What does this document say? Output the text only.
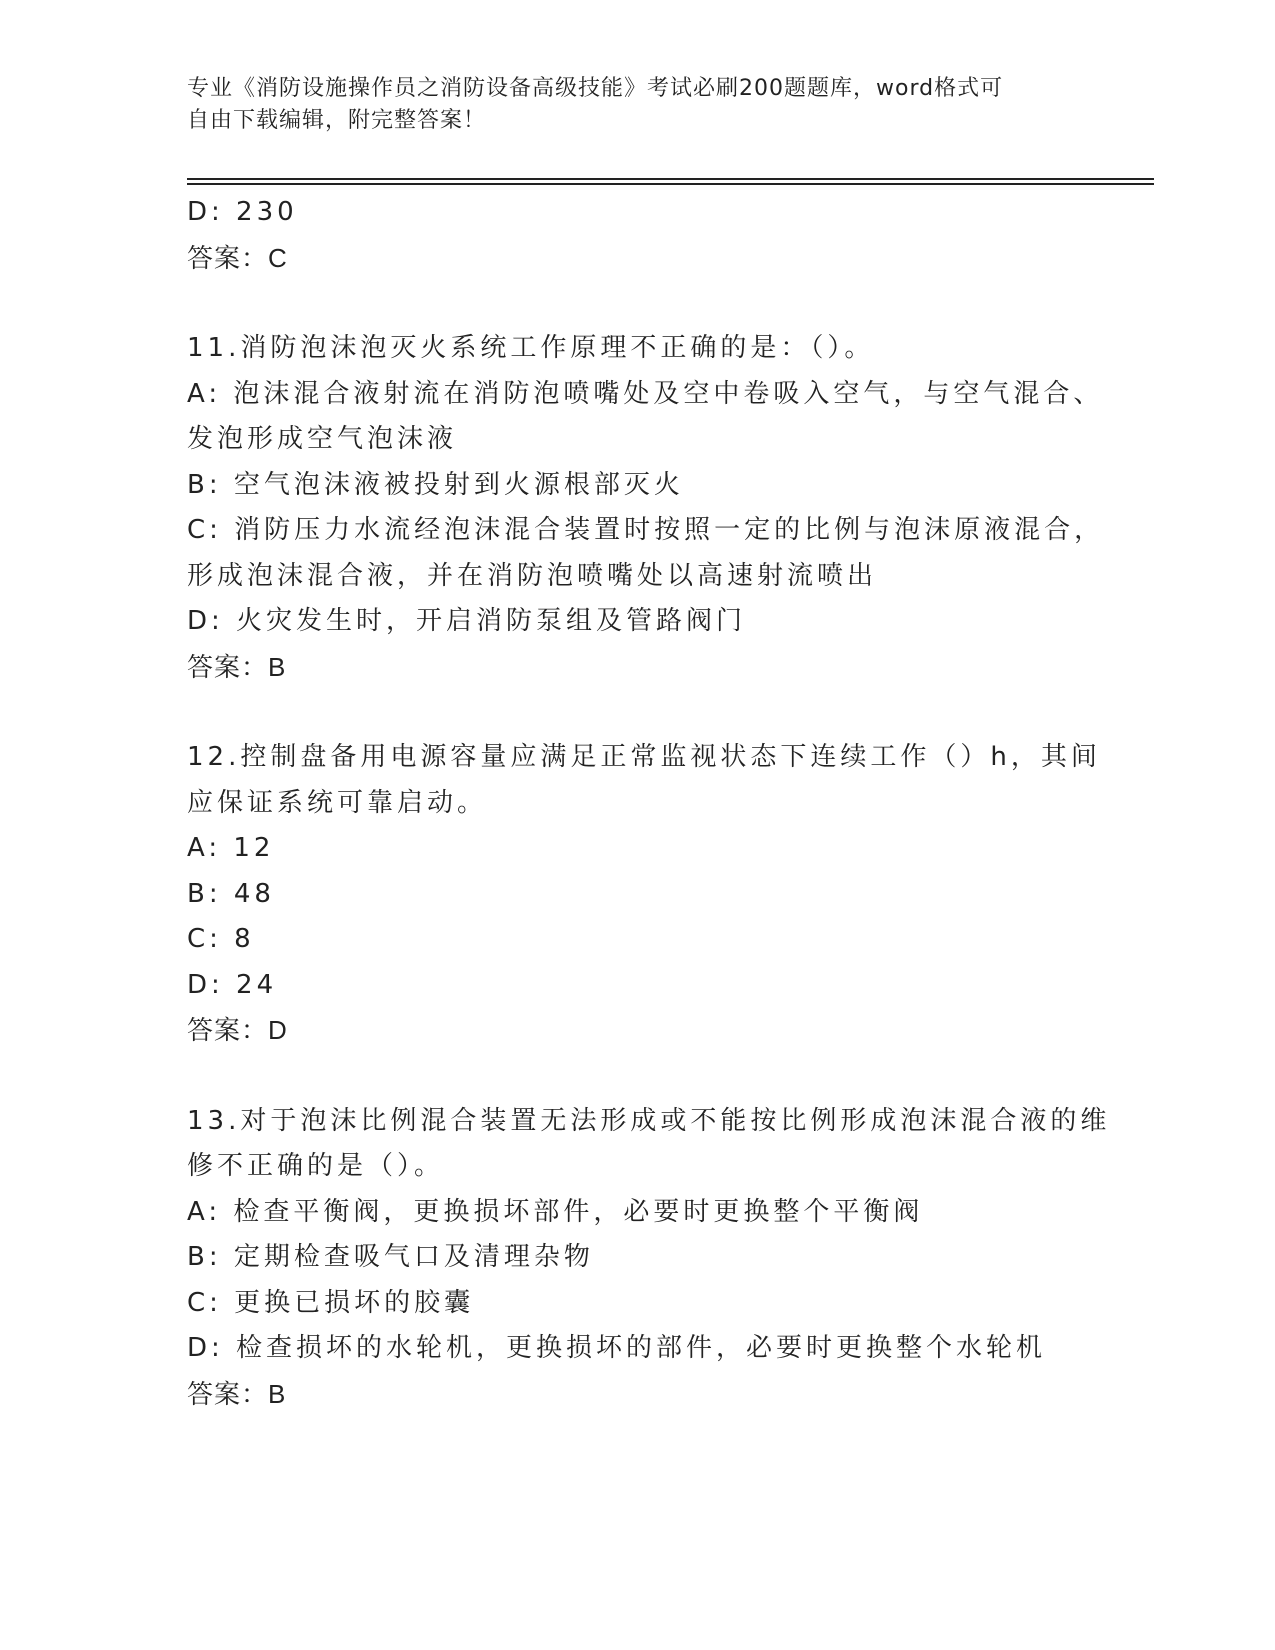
专业《消防设施操作员之消防设备高级技能》考试必刷200题题库，word格式可
自由下载编辑，附完整答案！
D: 230
答案：C
11.消防泡沫泡灭火系统工作原理不正确的是：（）。
A: 泡沫混合液射流在消防泡喷嘴处及空中卷吸入空气，与空气混合、
发泡形成空气泡沫液
B: 空气泡沫液被投射到火源根部灭火
C: 消防压力水流经泡沫混合装置时按照一定的比例与泡沫原液混合，
形成泡沫混合液，并在消防泡喷嘴处以高速射流喷出
D: 火灾发生时，开启消防泵组及管路阀门
答案：B
12.控制盘备用电源容量应满足正常监视状态下连续工作（）h，其间
应保证系统可靠启动。
A: 12
B: 48
C: 8
D: 24
答案：D
13.对于泡沫比例混合装置无法形成或不能按比例形成泡沫混合液的维
修不正确的是（）。
A: 检查平衡阀，更换损坏部件，必要时更换整个平衡阀
B: 定期检查吸气口及清理杂物
C: 更换已损坏的胶囊
D: 检查损坏的水轮机，更换损坏的部件，必要时更换整个水轮机
答案：B
